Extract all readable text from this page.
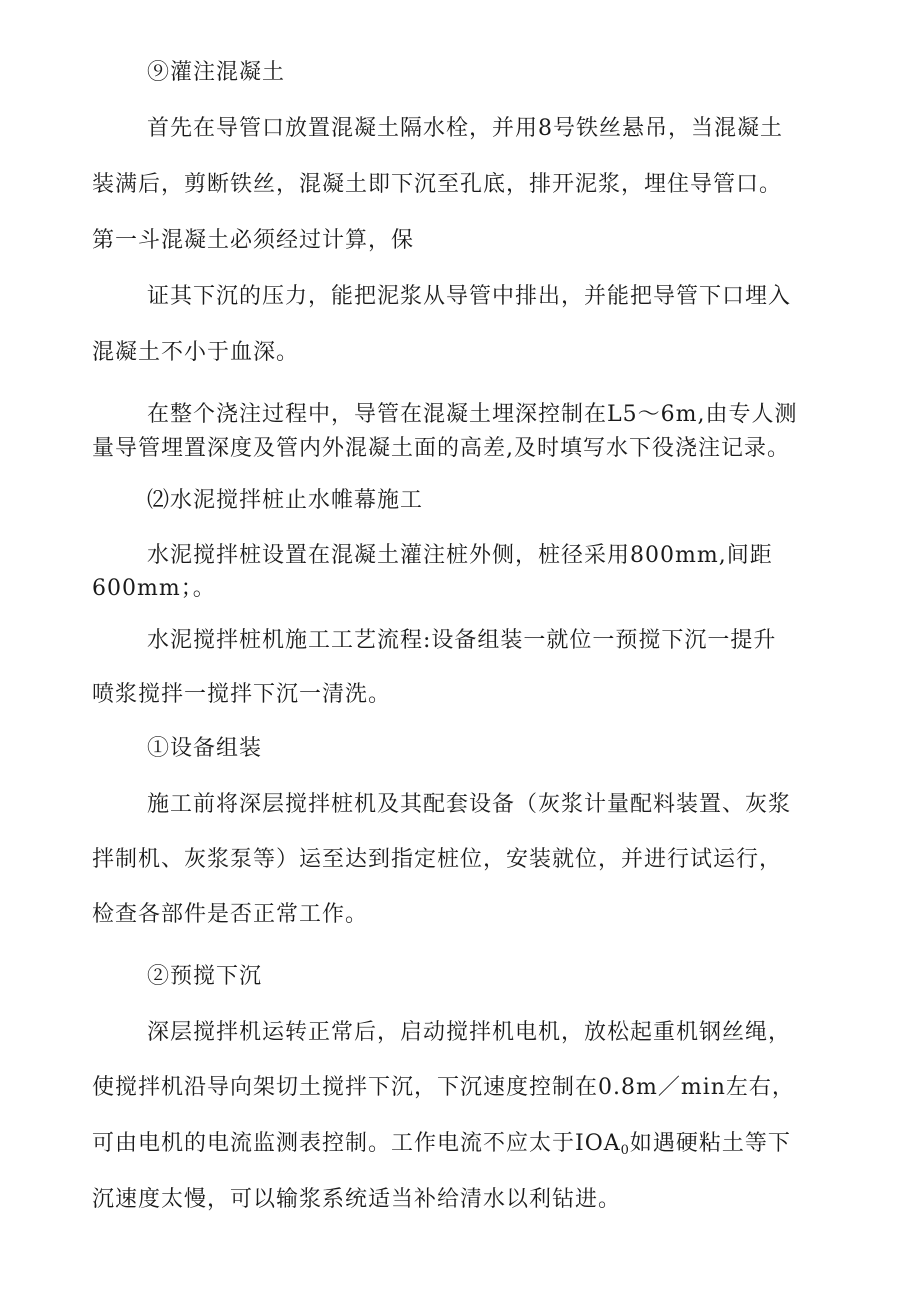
⑨灌注混凝土
首先在导管口放置混凝土隔水栓，并用8号铁丝悬吊，当混凝土
装满后，剪断铁丝，混凝土即下沉至孔底，排开泥浆，埋住导管口。
第一斗混凝土必须经过计算，保
证其下沉的压力，能把泥浆从导管中排出，并能把导管下口埋入
混凝土不小于血深。
在整个浇注过程中，导管在混凝土埋深控制在L5～6m,由专人测
量导管埋置深度及管内外混凝土面的高差,及时填写水下役浇注记录。
⑵水泥搅拌桩止水帷幕施工
水泥搅拌桩设置在混凝土灌注桩外侧，桩径采用800mm,间距
600mm；。
水泥搅拌桩机施工工艺流程:设备组装一就位一预搅下沉一提升
喷浆搅拌一搅拌下沉一清洗。
①设备组装
施工前将深层搅拌桩机及其配套设备（灰浆计量配料装置、灰浆
拌制机、灰浆泵等）运至达到指定桩位，安装就位，并进行试运行，
检查各部件是否正常工作。
②预搅下沉
深层搅拌机运转正常后，启动搅拌机电机，放松起重机钢丝绳，
使搅拌机沿导向架切土搅拌下沉，下沉速度控制在0.8m／min左右，
可由电机的电流监测表控制。工作电流不应太于$IOA_0$如遇硬粘土等下
沉速度太慢，可以输浆系统适当补给清水以利钻进。
